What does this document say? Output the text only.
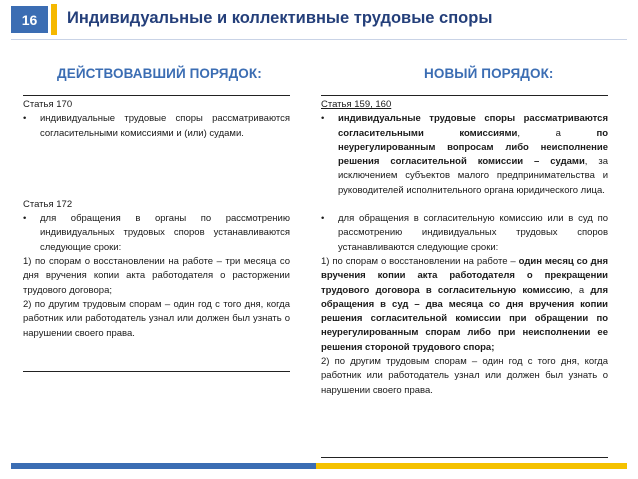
16	Индивидуальные и коллективные трудовые споры
ДЕЙСТВОВАВШИЙ ПОРЯДОК:	НОВЫЙ ПОРЯДОК:

Статья 170

• индивидуальные трудовые споры рассматриваются согласительными комиссиями и (или) судами.

Статья 172

• для обращения в органы по рассмотрению индивидуальных трудовых споров устанавливаются следующие сроки:

1) по спорам о восстановлении на работе – три месяца со дня вручения копии акта работодателя о расторжении трудового договора;

2) по другим трудовым спорам – один год с того дня, когда работник или работодатель узнал или должен был узнать о нарушении своего права.

Статья 159, 160

• индивидуальные трудовые споры рассматриваются согласительными комиссиями, а по неурегулированным вопросам либо неисполнение решения согласительной комиссии – судами, за исключением субъектов малого предпринимательства и руководителей исполнительного органа юридического лица.

• для обращения в согласительную комиссию или в суд по рассмотрению индивидуальных трудовых споров устанавливаются следующие сроки:

1) по спорам о восстановлении на работе – один месяц со дня вручения копии акта работодателя о прекращении трудового договора в согласительную комиссию, а для обращения в суд – два месяца со дня вручения копии решения согласительной комиссии при обращении по неурегулированным спорам либо при неисполнении ее решения стороной трудового спора;

2) по другим трудовым спорам – один год с того дня, когда работник или работодатель узнал или должен был узнать о нарушении своего права.
